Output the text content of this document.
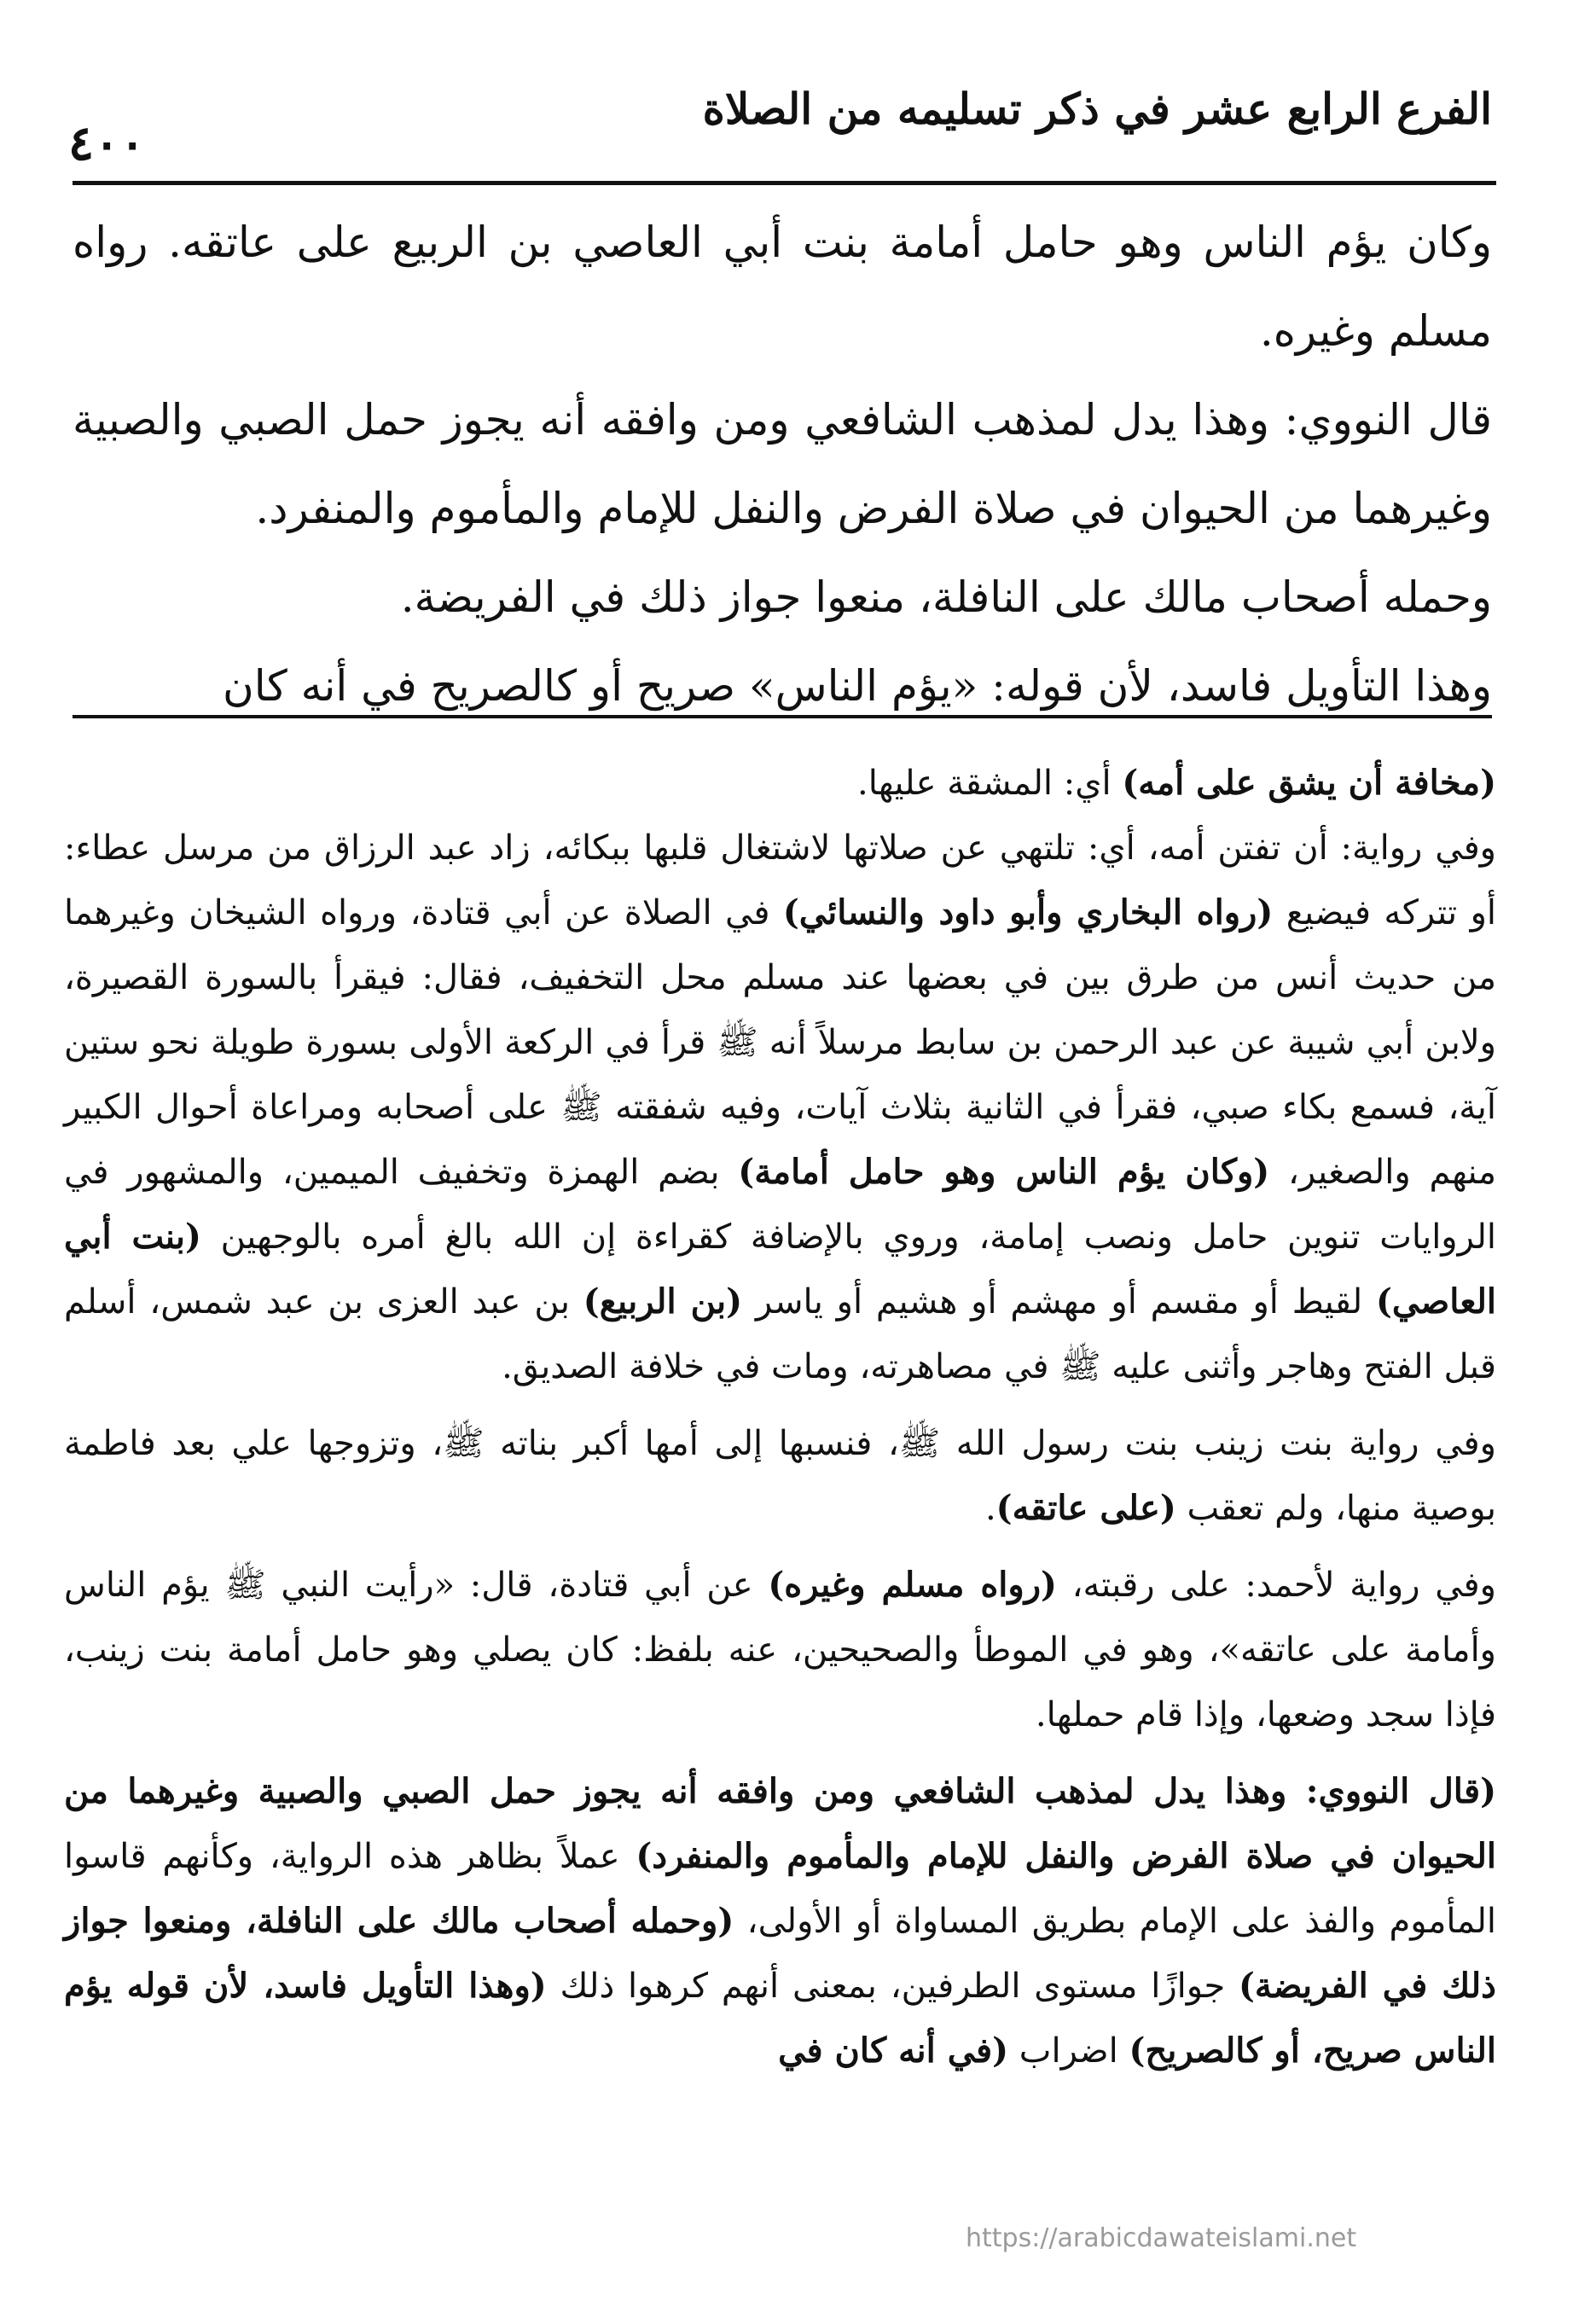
الفرع الرابع عشر في ذكر تسليمه من الصلاة
٤٠٠

وكان يؤم الناس وهو حامل أمامة بنت أبي العاصي بن الربيع على عاتقه. رواه مسلم وغيره.

قال النووي: وهذا يدل لمذهب الشافعي ومن وافقه أنه يجوز حمل الصبي والصبية وغيرهما من الحيوان في صلاة الفرض والنفل للإمام والمأموم والمنفرد.

وحمله أصحاب مالك على النافلة، منعوا جواز ذلك في الفريضة.

وهذا التأويل فاسد، لأن قوله: «يؤم الناس» صريح أو كالصريح في أنه كان

(مخافة أن يشق على أمه) أي: المشقة عليها.

وفي رواية: أن تفتن أمه، أي: تلتهي عن صلاتها لاشتغال قلبها ببكائه، زاد عبد الرزاق من مرسل عطاء: أو تتركه فيضيع (رواه البخاري وأبو داود والنسائي) في الصلاة عن أبي قتادة، ورواه الشيخان وغيرهما من حديث أنس من طرق بين في بعضها عند مسلم محل التخفيف، فقال: فيقرأ بالسورة القصيرة، ولابن أبي شيبة عن عبد الرحمن بن سابط مرسلاً أنه ﷺ قرأ في الركعة الأولى بسورة طويلة نحو ستين آية، فسمع بكاء صبي، فقرأ في الثانية بثلاث آيات، وفيه شفقته ﷺ على أصحابه ومراعاة أحوال الكبير منهم والصغير، (وكان يؤم الناس وهو حامل أمامة) بضم الهمزة وتخفيف الميمين، والمشهور في الروايات تنوين حامل ونصب إمامة، وروي بالإضافة كقراءة إن الله بالغ أمره بالوجهين (بنت أبي العاصي) لقيط أو مقسم أو مهشم أو هشيم أو ياسر (بن الربيع) بن عبد العزى بن عبد شمس، أسلم قبل الفتح وهاجر وأثنى عليه ﷺ في مصاهرته، ومات في خلافة الصديق.

وفي رواية بنت زينب بنت رسول الله ﷺ، فنسبها إلى أمها أكبر بناته ﷺ، وتزوجها علي بعد فاطمة بوصية منها، ولم تعقب (على عاتقه).

وفي رواية لأحمد: على رقبته، (رواه مسلم وغيره) عن أبي قتادة، قال: «رأيت النبي ﷺ يؤم الناس وأمامة على عاتقه»، وهو في الموطأ والصحيحين، عنه بلفظ: كان يصلي وهو حامل أمامة بنت زينب، فإذا سجد وضعها، وإذا قام حملها.

(قال النووي: وهذا يدل لمذهب الشافعي ومن وافقه أنه يجوز حمل الصبي والصبية وغيرهما من الحيوان في صلاة الفرض والنفل للإمام والمأموم والمنفرد) عملاً بظاهر هذه الرواية، وكأنهم قاسوا المأموم والفذ على الإمام بطريق المساواة أو الأولى، (وحمله أصحاب مالك على النافلة، ومنعوا جواز ذلك في الفريضة) جوازًا مستوى الطرفين، بمعنى أنهم كرهوا ذلك (وهذا التأويل فاسد، لأن قوله يؤم الناس صريح، أو كالصريح) اضراب (في أنه كان في

https://arabicdawateislami.net
